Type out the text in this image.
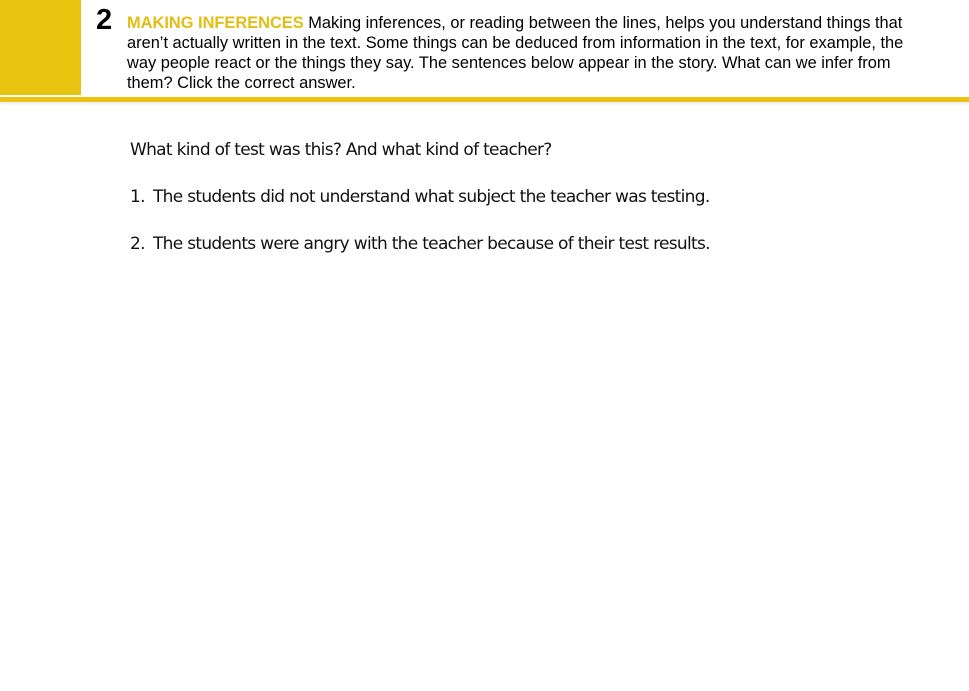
2 MAKING INFERENCES Making inferences, or reading between the lines, helps you understand things that aren’t actually written in the text. Some things can be deduced from information in the text, for example, the way people react or the things they say. The sentences below appear in the story. What can we infer from them? Click the correct answer.
What kind of test was this? And what kind of teacher?
1. The students did not understand what subject the teacher was testing.
2. The students were angry with the teacher because of their test results.
